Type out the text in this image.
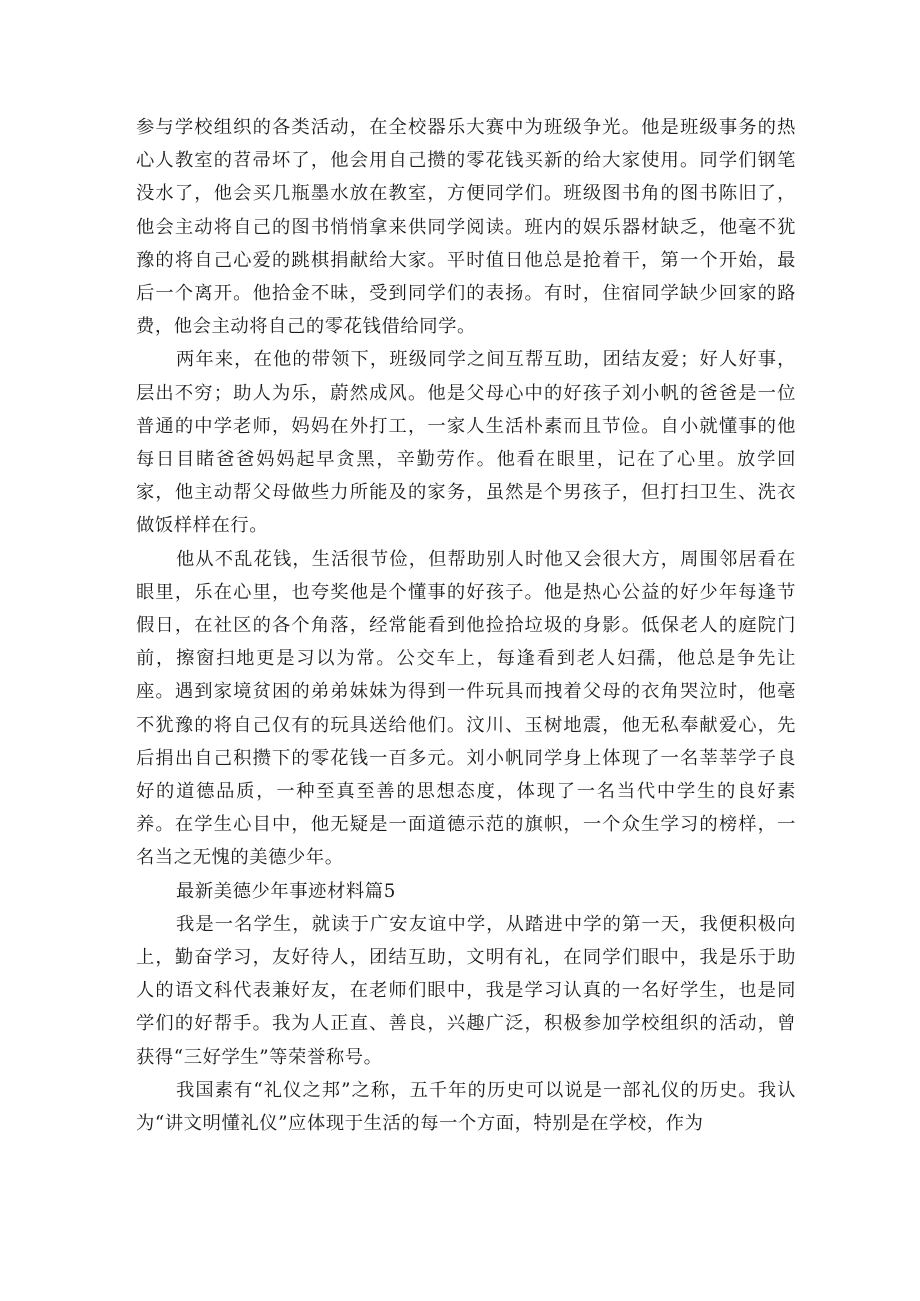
参与学校组织的各类活动，在全校器乐大赛中为班级争光。他是班级事务的热心人教室的苕帚坏了，他会用自己攒的零花钱买新的给大家使用。同学们钢笔没水了，他会买几瓶墨水放在教室，方便同学们。班级图书角的图书陈旧了，他会主动将自己的图书悄悄拿来供同学阅读。班内的娱乐器材缺乏，他毫不犹豫的将自己心爱的跳棋捐献给大家。平时值日他总是抢着干，第一个开始，最后一个离开。他拾金不昧，受到同学们的表扬。有时，住宿同学缺少回家的路费，他会主动将自己的零花钱借给同学。

两年来，在他的带领下，班级同学之间互帮互助，团结友爱；好人好事，层出不穷；助人为乐，蔚然成风。他是父母心中的好孩子刘小帆的爸爸是一位普通的中学老师，妈妈在外打工，一家人生活朴素而且节俭。自小就懂事的他每日目睹爸爸妈妈起早贪黑，辛勤劳作。他看在眼里，记在了心里。放学回家，他主动帮父母做些力所能及的家务，虽然是个男孩子，但打扫卫生、洗衣做饭样样在行。

他从不乱花钱，生活很节俭，但帮助别人时他又会很大方，周围邻居看在眼里，乐在心里，也夸奖他是个懂事的好孩子。他是热心公益的好少年每逢节假日，在社区的各个角落，经常能看到他捡拾垃圾的身影。低保老人的庭院门前，擦窗扫地更是习以为常。公交车上，每逢看到老人妇孺，他总是争先让座。遇到家境贫困的弟弟妹妹为得到一件玩具而拽着父母的衣角哭泣时，他毫不犹豫的将自己仅有的玩具送给他们。汶川、玉树地震，他无私奉献爱心，先后捐出自己积攒下的零花钱一百多元。刘小帆同学身上体现了一名莘莘学子良好的道德品质，一种至真至善的思想态度，体现了一名当代中学生的良好素养。在学生心目中，他无疑是一面道德示范的旗帜，一个众生学习的榜样，一名当之无愧的美德少年。

最新美德少年事迹材料篇5

我是一名学生，就读于广安友谊中学，从踏进中学的第一天，我便积极向上，勤奋学习，友好待人，团结互助，文明有礼，在同学们眼中，我是乐于助人的语文科代表兼好友，在老师们眼中，我是学习认真的一名好学生，也是同学们的好帮手。我为人正直、善良，兴趣广泛，积极参加学校组织的活动，曾获得“三好学生”等荣誉称号。

我国素有“礼仪之邦”之称，五千年的历史可以说是一部礼仪的历史。我认为“讲文明懂礼仪”应体现于生活的每一个方面，特别是在学校，作为
